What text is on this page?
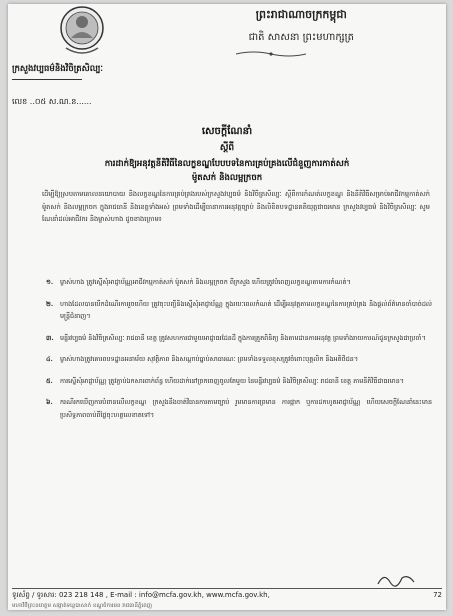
ព្រះរាជាណាចក្រកម្ពុជា
ជាតិ សាសនា ព្រះមហាក្សត្រ
ក្រសួងវប្បធម៌និងវិចិត្រសិល្បៈ
លេខ ..០៥ ស.ណ.ន......
សេចក្តីណែនាំ
ស្តីពី
ការដាក់ឱ្យអនុវត្តនីតិវិធីនៃលក្ខខណ្ឌបែបបទនៃការគ្រប់គ្រងលើជំនួញការកាត់សក់
ម៉ូតសក់ និងលម្អក្រចក
ដើម្បីឱ្យស្របតាមគោលនយោបាយ និងលក្ខខណ្ឌនៃការគ្រប់គ្រងរបស់ក្រសួងវប្បធម៌ និងវិចិត្រសិល្បៈ ស្តីពីការកំណត់លក្ខខណ្ឌ និងនីតិវិធីសម្រាប់អាជីវកម្មកាត់សក់ ម៉ូតសក់ និងលម្អក្រចក ក្នុងរាជធានី និងខេត្តទាំងអស់ ព្រមទាំងដើម្បីធានាការអនុវត្តច្បាប់ និងលិខិតបទដ្ឋានគតិយុត្តជាធរមាន ក្រសួងវប្បធម៌ និងវិចិត្រសិល្បៈ សូមណែនាំដល់អាជីវករ និងម្ចាស់ហាង ដូចខាងក្រោម៖
១. ម្ចាស់ហាង ត្រូវស្នើសុំអាជ្ញាប័ណ្ណអាជីវកម្មកាត់សក់ ម៉ូតសក់ និងលម្អក្រចក ពីក្រសួង ហើយត្រូវបំពេញលក្ខខណ្ឌតាមការកំណត់។
២. ហាងដែលបានបើកដំណើរការរួចហើយ ត្រូវចុះបញ្ជីនិងស្នើសុំអាជ្ញាប័ណ្ណ ក្នុងរយៈពេលកំណត់ ដើម្បីអនុវត្តតាមលក្ខខណ្ឌនៃការគ្រប់គ្រង និងផ្តល់ព័ត៌មានចាំបាច់ដល់មន្ត្រីជំនាញ។
៣. មន្ទីរវប្បធម៌ និងវិចិត្រសិល្បៈ រាជធានី ខេត្ត ត្រូវសហការជាមួយអាជ្ញាធរដែនដី ក្នុងការត្រួតពិនិត្យ និងតាមដានការអនុវត្ត ព្រមទាំងរាយការណ៍ជូនក្រសួងជាប្រចាំ។
៤. ម្ចាស់ហាងត្រូវគោរពបទដ្ឋានអនាម័យ សុវត្ថិភាព និងសណ្តាប់ធ្នាប់សាធារណៈ ព្រមទាំងទទួលខុសត្រូវចំពោះបុគ្គលិក និងអតិថិជន។
៥. ការស្នើសុំអាជ្ញាប័ណ្ណ ត្រូវភ្ជាប់ឯកសារពាក់ព័ន្ធ ហើយដាក់នៅច្រកចេញចូលតែមួយ នៃមន្ទីរវប្បធម៌ និងវិចិត្រសិល្បៈ រាជធានី ខេត្ត តាមនីតិវិធីជាធរមាន។
៦. ករណីរកឃើញការបំពានលើលក្ខខណ្ឌ ក្រសួងនឹងចាត់វិធានការតាមច្បាប់ រួមមានការព្រមាន ការផ្អាក ឬការដកហូតអាជ្ញាប័ណ្ណ ហើយសេចក្តីណែនាំនេះមានប្រសិទ្ធភាពចាប់ពីថ្ងៃចុះហត្ថលេខាតទៅ។
ទូរស័ព្ទ / ទូរសារ: 023 218 148 , E-mail : info@mcfa.gov.kh, www.mcfa.gov.kh,	72
មហាវិថីព្រះនរោត្តម សង្កាត់ទន្លេបាសាក់ ខណ្ឌចំការមន រាជធានីភ្នំពេញ
